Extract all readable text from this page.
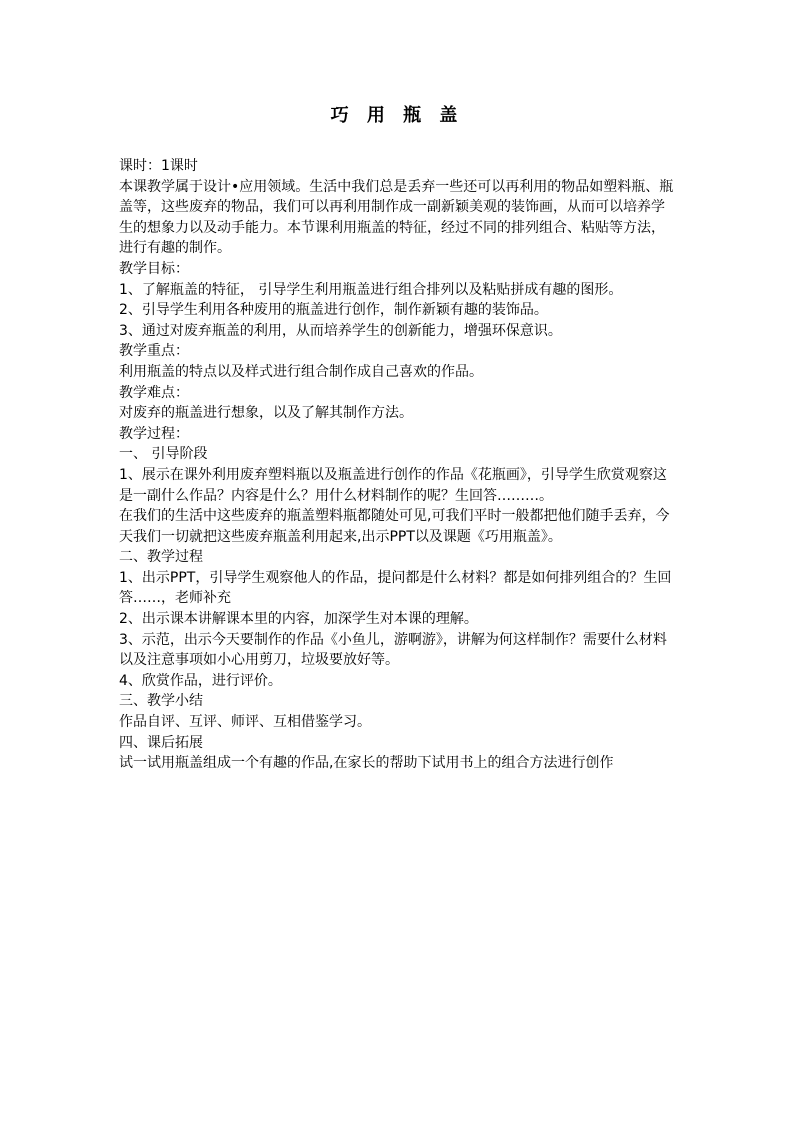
巧 用 瓶 盖

课时：1课时

本课教学属于设计•应用领域。生活中我们总是丢弃一些还可以再利用的物品如塑料瓶、瓶盖等，这些废弃的物品，我们可以再利用制作成一副新颖美观的装饰画，从而可以培养学生的想象力以及动手能力。本节课利用瓶盖的特征，经过不同的排列组合、粘贴等方法，进行有趣的制作。

教学目标：

1、了解瓶盖的特征， 引导学生利用瓶盖进行组合排列以及粘贴拼成有趣的图形。

2、引导学生利用各种废用的瓶盖进行创作，制作新颖有趣的装饰品。

3、通过对废弃瓶盖的利用，从而培养学生的创新能力，增强环保意识。

教学重点：

利用瓶盖的特点以及样式进行组合制作成自己喜欢的作品。

教学难点：

对废弃的瓶盖进行想象，以及了解其制作方法。

教学过程：

一、 引导阶段

1、展示在课外利用废弃塑料瓶以及瓶盖进行创作的作品《花瓶画》，引导学生欣赏观察这是一副什么作品？内容是什么？用什么材料制作的呢？生回答………。

在我们的生活中这些废弃的瓶盖塑料瓶都随处可见,可我们平时一般都把他们随手丢弃，今天我们一切就把这些废弃瓶盖利用起来,出示PPT以及课题《巧用瓶盖》。

二、教学过程

1、出示PPT，引导学生观察他人的作品，提问都是什么材料？都是如何排列组合的？生回答……，老师补充

2、出示课本讲解课本里的内容，加深学生对本课的理解。

3、示范，出示今天要制作的作品《小鱼儿，游啊游》，讲解为何这样制作？需要什么材料以及注意事项如小心用剪刀，垃圾要放好等。

4、欣赏作品，进行评价。

三、教学小结

作品自评、互评、师评、互相借鉴学习。

四、课后拓展

试一试用瓶盖组成一个有趣的作品,在家长的帮助下试用书上的组合方法进行创作
